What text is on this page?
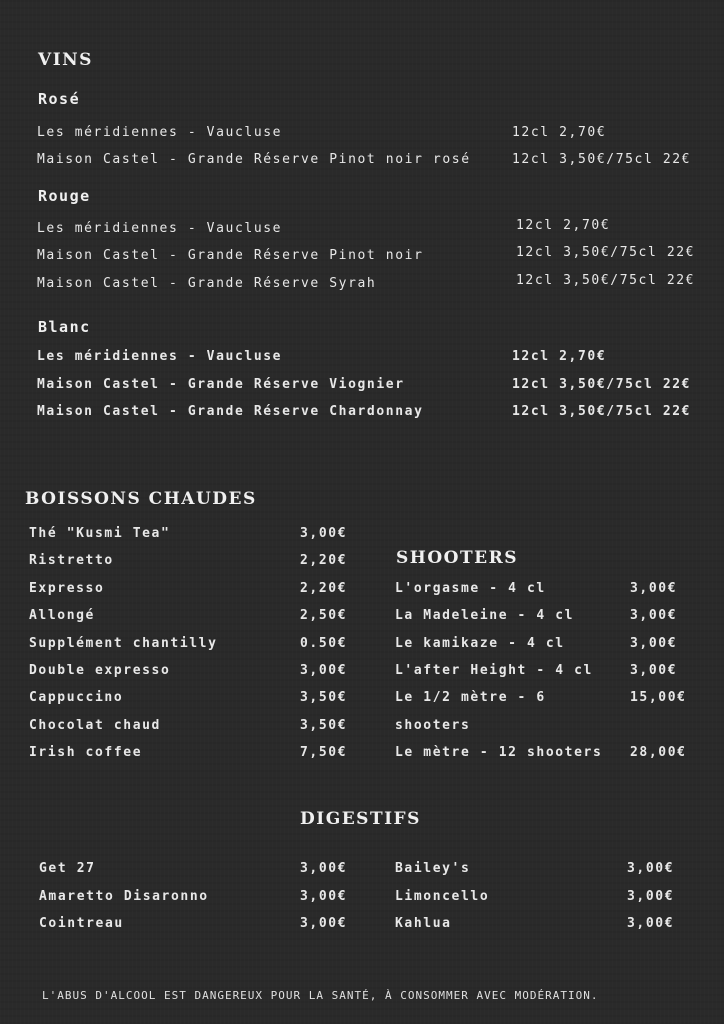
VINS
Rosé
Les méridiennes - Vaucluse	12cl 2,70€
Maison Castel - Grande Réserve Pinot noir rosé	12cl 3,50€/75cl 22€
Rouge
Les méridiennes - Vaucluse	12cl 2,70€
Maison Castel - Grande Réserve Pinot noir	12cl 3,50€/75cl 22€
Maison Castel - Grande Réserve Syrah	12cl 3,50€/75cl 22€
Blanc
Les méridiennes - Vaucluse	12cl 2,70€
Maison Castel - Grande Réserve Viognier	12cl 3,50€/75cl 22€
Maison Castel - Grande Réserve Chardonnay	12cl 3,50€/75cl 22€
BOISSONS CHAUDES
Thé "Kusmi Tea"	3,00€
Ristretto	2,20€
Expresso	2,20€
Allongé	2,50€
Supplément chantilly	0.50€
Double expresso	3,00€
Cappuccino	3,50€
Chocolat chaud	3,50€
Irish coffee	7,50€
SHOOTERS
L'orgasme - 4 cl	3,00€
La Madeleine - 4 cl	3,00€
Le kamikaze - 4 cl	3,00€
L'after Height - 4 cl	3,00€
Le 1/2 mètre - 6	15,00€
shooters
Le mètre - 12 shooters 28,00€
DIGESTIFS
Get 27	3,00€
Amaretto Disaronno	3,00€
Cointreau	3,00€
Bailey's	3,00€
Limoncello	3,00€
Kahlua	3,00€
L'ABUS D'ALCOOL EST DANGEREUX POUR LA SANTÉ, À CONSOMMER AVEC MODÉRATION.
